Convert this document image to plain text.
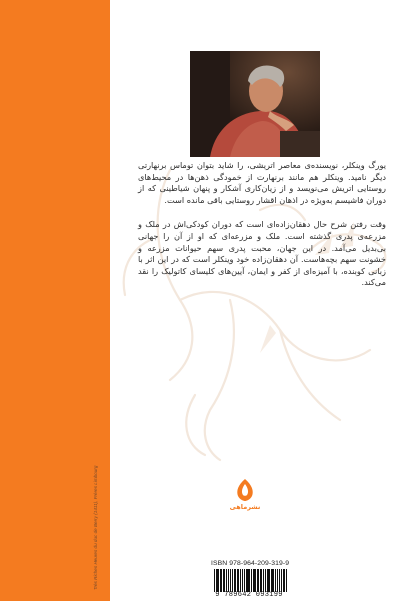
Très Riches Heures du duc de Berry (1411), Frères Limbourg

یورگ وینکلر، نویسنده‌ی معاصر اتریشی، را شاید بتوان توماس برنهارتی دیگر نامید. وینکلر هم مانند برنهارت از خمودگی ذهن‌ها در محیط‌های روستایی اتریش می‌نویسد و از زیان‌کاری آشکار و پنهان شیاطینی که از دوران فاشیسم به‌ویژه در اذهان اقشار روستایی باقی مانده است.

وقت رفتن شرح حال دهقان‌زاده‌ای است که دوران کودکی‌اش در ملک و مزرعه‌ی پدری گذشته است. ملک و مزرعه‌ای که او از آن را جهانی بی‌بدیل می‌آمد. در این جهان، محبت پدری سهم حیوانات مزرعه و خشونت سهم بچه‌هاست. آن دهقان‌زاده خود وینکلر است که در این اثر با زبانی کوبنده، با آمیزه‌ای از کفر و ایمان، آیین‌های کلیسای کاتولیک را نقد می‌کند.

نشرماهی
ISBN 978-964-209-319-9
9 789642 093199
